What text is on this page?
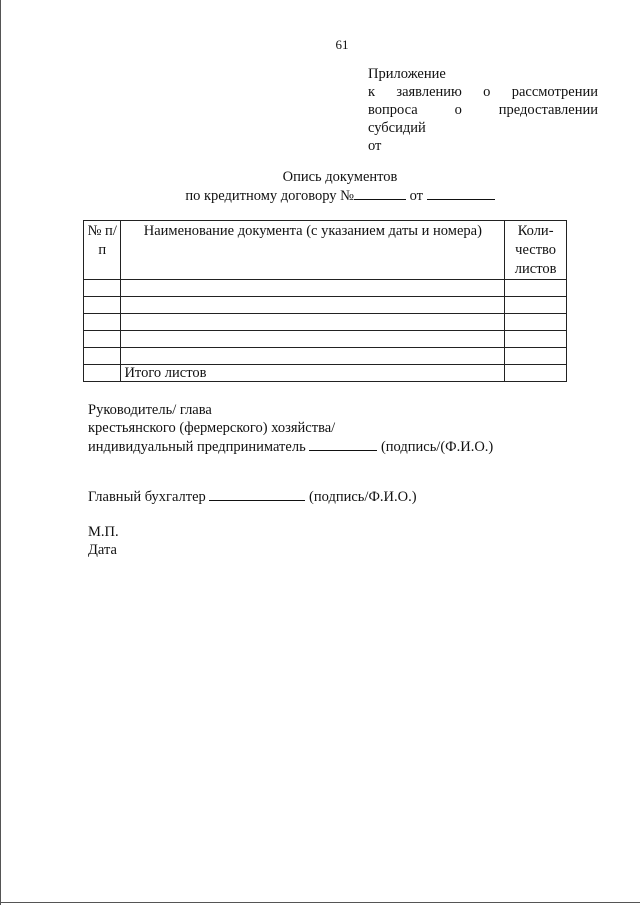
61
Приложение
к заявлению о рассмотрении
вопроса	о	предоставлении
субсидий
от
Опись документов
по кредитному договору №	от
№ п/п	Наименование документа (с указанием даты и номера)	Коли-чество листов

	Итого листов	
Руководитель/ глава
крестьянского (фермерского) хозяйства/
индивидуальный предприниматель	(подпись/(Ф.И.О.)
Главный бухгалтер	(подпись/Ф.И.О.)
М.П.
Дата
